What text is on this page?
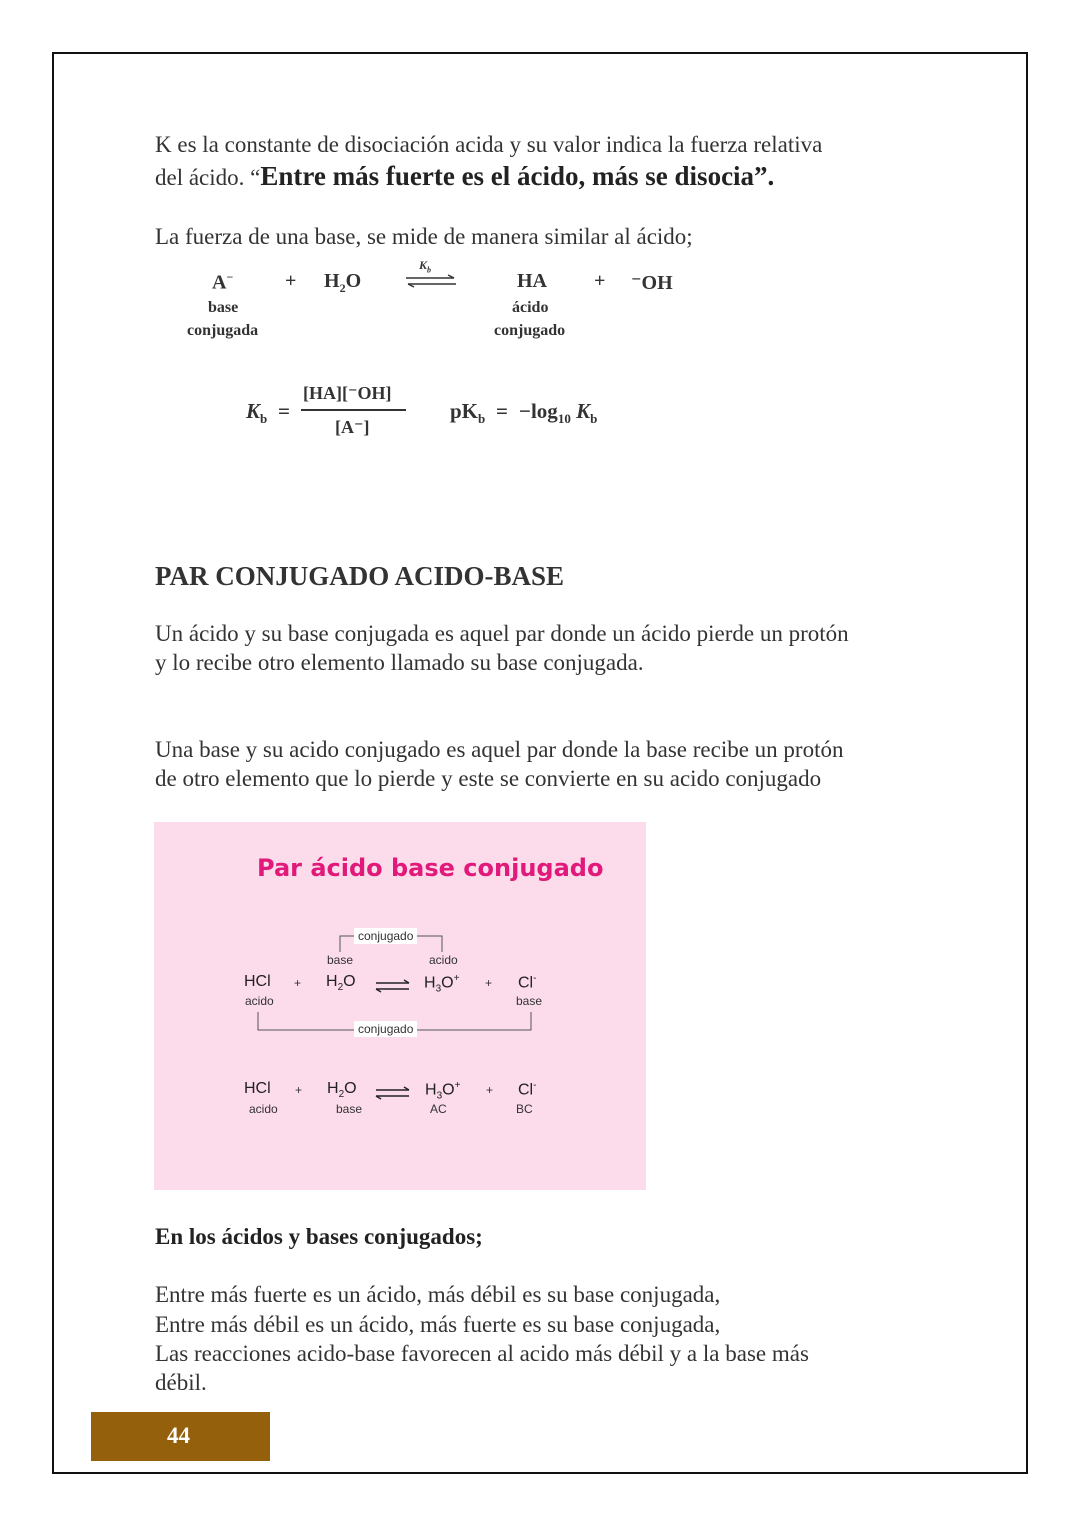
K es la constante de disociación acida y su valor indica la fuerza relativa
del ácido. “Entre más fuerte es el ácido, más se disocia”.
La fuerza de una base, se mide de manera similar al ácido;
A−	+ $H_2O$
$K_b$
HA + ⁻OH
base
conjugada
ácido
conjugado
$K_b$ =
[HA][⁻OH]
[A⁻]
$pK_b = -\log_{10}$ $K_b$
PAR CONJUGADO ACIDO-BASE
Un ácido y su base conjugada es aquel par donde un ácido pierde un protón
y lo recibe otro elemento llamado su base conjugada.
Una base y su acido conjugado es aquel par donde la base recibe un protón
de otro elemento que lo pierde y este se convierte en su acido conjugado
Par ácido base conjugado
conjugado
conjugado
base	acido
HCl + $H_2O$	$H_3O^+ + Cl^-$
acido	base
HCl + $H_2O$	$H_3O^+ + Cl^-$
acido	base	AC	BC
En los ácidos y bases conjugados;
Entre más fuerte es un ácido, más débil es su base conjugada,
Entre más débil es un ácido, más fuerte es su base conjugada,
Las reacciones acido-base favorecen al acido más débil y a la base más
débil.
44
